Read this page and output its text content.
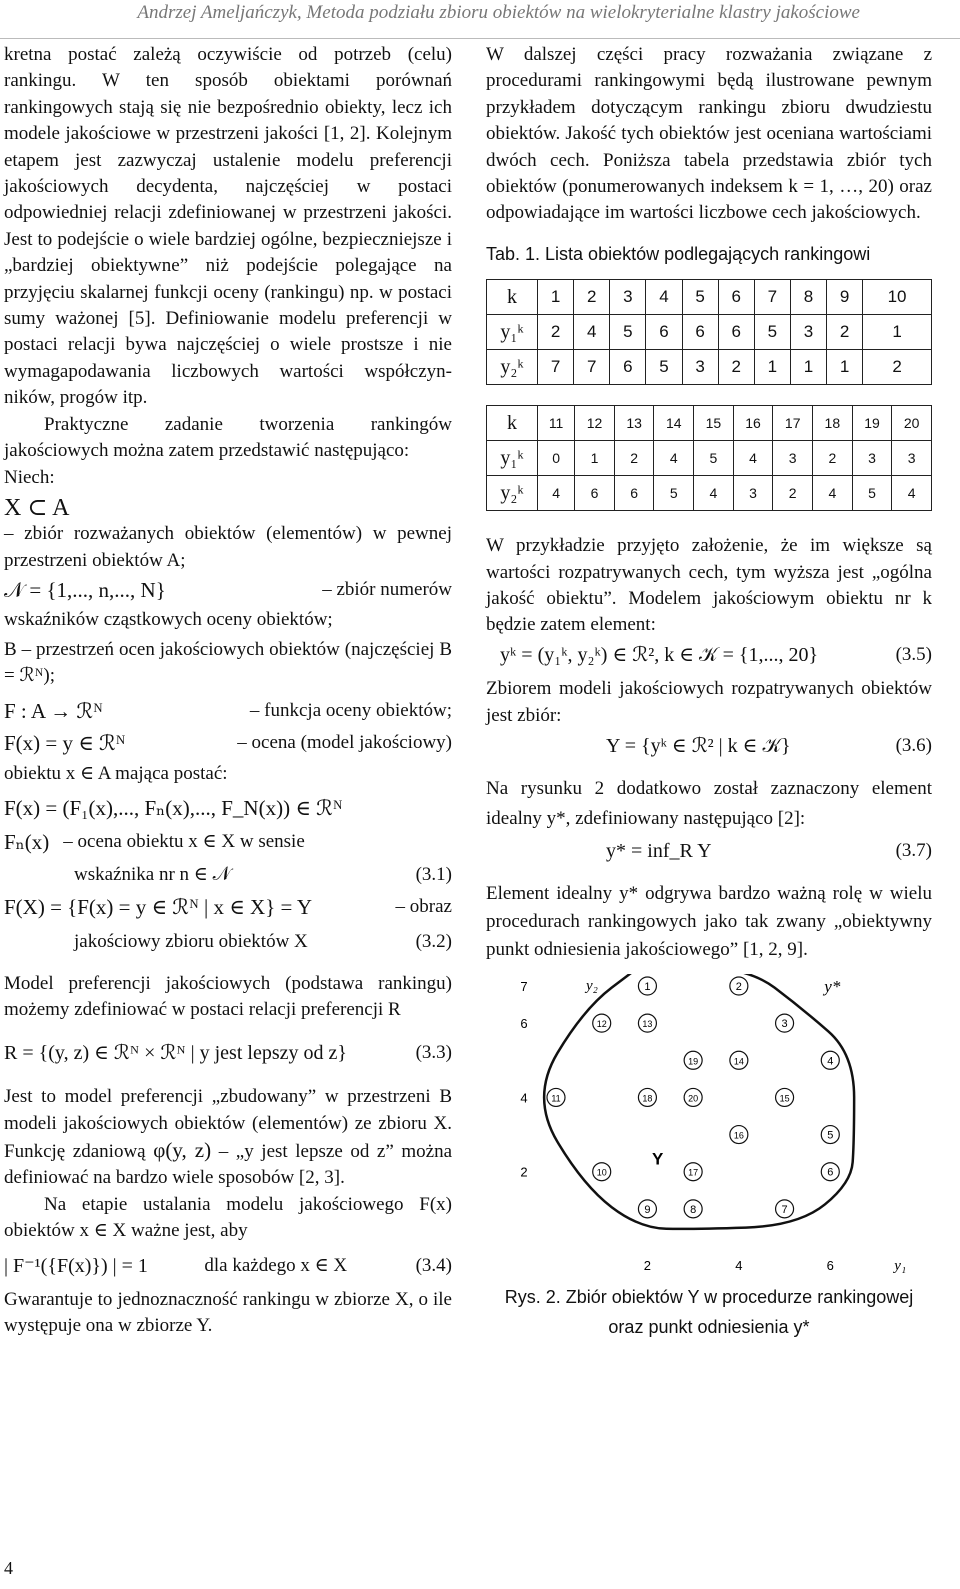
Andrzej Ameljańczyk, Metoda podziału zbioru obiektów na wielokryterialne klastry jakościowe

kretna postać zależą oczywiście od potrzeb (celu) rankingu. W ten sposób obiektami porównań rankingowych stają się nie bezpośrednio obiekty, lecz ich modele jakościowe w przestrzeni jakości [1, 2]. Kolejnym etapem jest zazwyczaj ustalenie modelu preferencji jakościowych decydenta, najczęściej w postaci odpowiedniej relacji zdefiniowanej w przestrzeni jakości. Jest to podejście o wiele bardziej ogólne, bezpieczniejsze i „bardziej obiektywne” niż podejście polegające na przyjęciu skalarnej funkcji oceny (rankingu) np. w postaci sumy ważonej [5]. Definiowanie modelu preferencji w postaci relacji bywa najczęściej o wiele prostsze i nie wymagapodawania liczbowych wartości współczyn-ników, progów itp.

Praktyczne zadanie tworzenia rankingów jakościowych można zatem przedstawić następująco:

Niech:

X ⊂ A

– zbiór rozważanych obiektów (elementów) w pewnej przestrzeni obiektów A;

𝒩 = {1,..., n,..., N}	– zbiór numerów

wskaźników cząstkowych oceny obiektów;

B – przestrzeń ocen jakościowych obiektów (najczęściej B = ℛᴺ);

F : A → ℛᴺ	– funkcja oceny obiektów;
F(x) = y ∈ ℛᴺ	– ocena (model jakościowy)

obiektu x ∈ A mająca postać:

F(x) = (F₁(x),..., Fₙ(x),..., F_N(x)) ∈ ℛᴺ
Fₙ(x) – ocena obiektu x ∈ X w sensie
wskaźnika nr n ∈ 𝒩	(3.1)
F(X) = {F(x) = y ∈ ℛᴺ | x ∈ X} = Y	– obraz
jakościowy zbioru obiektów X	(3.2)

Model preferencji jakościowych (podstawa rankingu) możemy zdefiniować w postaci relacji preferencji R

R = {(y, z) ∈ ℛᴺ × ℛᴺ | y jest lepszy od z}	(3.3)

Jest to model preferencji „zbudowany” w przestrzeni B modeli jakościowych obiektów (elementów) ze zbioru X. Funkcję zdaniową φ(y, z) – „y jest lepsze od z” można definiować na bardzo wiele sposobów [2, 3].

Na etapie ustalania modelu jakościowego F(x) obiektów x ∈ X ważne jest, aby

| F⁻¹({F(x)}) | = 1	dla każdego x ∈ X	(3.4)

Gwarantuje to jednoznaczność rankingu w zbiorze X, o ile występuje ona w zbiorze Y.

W dalszej części pracy rozważania związane z procedurami rankingowymi będą ilustrowane pewnym przykładem dotyczącym rankingu zbioru dwudziestu obiektów. Jakość tych obiektów jest oceniana wartościami dwóch cech. Poniższa tabela przedstawia zbiór tych obiektów (ponumerowanych indeksem k = 1, …, 20) oraz odpowiadające im wartości liczbowe cech jakościowych.

Tab. 1. Lista obiektów podlegających rankingowi
k	1	2	3	4	5	6	7	8	9	10
y₁ᵏ	2	4	5	6	6	6	5	3	2	1
y₂ᵏ	7	7	6	5	3	2	1	1	1	2
k	11	12	13	14	15	16	17	18	19	20
y₁ᵏ	0	1	2	4	5	4	3	2	3	3
y₂ᵏ	4	6	6	5	4	3	2	4	5	4

W przykładzie przyjęto założenie, że im większe są wartości rozpatrywanych cech, tym wyższa jest „ogólna jakość obiektu”. Modelem jakościowym obiektu nr k będzie zatem element:

yᵏ = (y₁ᵏ, y₂ᵏ) ∈ ℛ², k ∈ 𝒦 = {1,..., 20}	(3.5)

Zbiorem modeli jakościowych rozpatrywanych obiektów jest zbiór:

Y = {yᵏ ∈ ℛ² | k ∈ 𝒦}	(3.6)

Na rysunku 2 dodatkowo został zaznaczony element idealny y*, zdefiniowany następująco [2]:

y* = inf_R Y	(3.7)

Element idealny y* odgrywa bardzo ważną rolę w wielu procedurach rankingowych jako tak zwany „obiektywny punkt odniesienia jakościowego” [1, 2, 9].

2
4
6
7
2	4	6
y₂
y₁
1	2
3
4
5
6
7
8
9
10
11
12	13
14
15
16
17
18
19
20
Y
y*
Rys. 2. Zbiór obiektów Y w procedurze rankingowej
oraz punkt odniesienia y*
4
